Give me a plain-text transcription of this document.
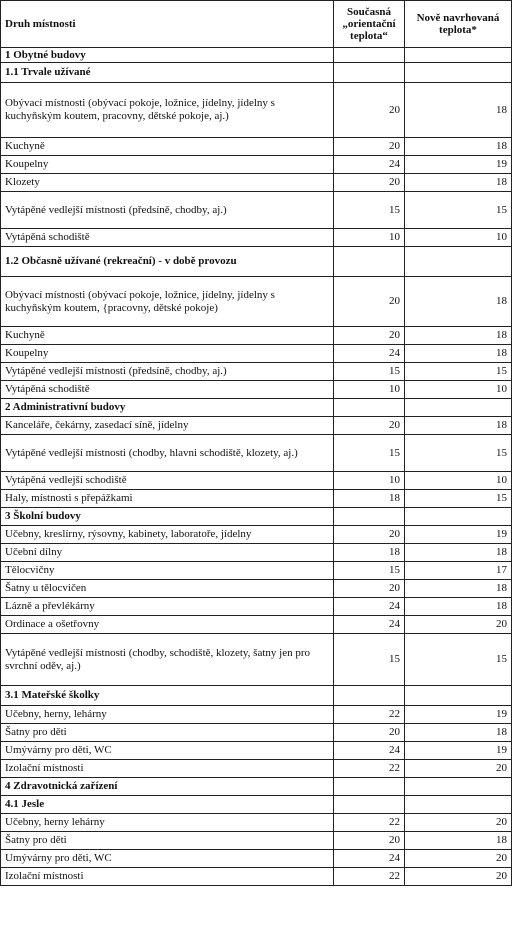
Druh místnosti	Současná „orientační teplota“	Nově navrhovaná teplota*
1 Obytné budovy		
1.1 Trvale užívané		
Obývací místnosti (obývací pokoje, ložnice, jídelny, jídelny s kuchyňským koutem, pracovny, dětské pokoje, aj.)	20	18
Kuchyně	20	18
Koupelny	24	19
Klozety	20	18
Vytápěné vedlejší místnosti (předsíně, chodby, aj.)	15	15
Vytápěná schodiště	10	10
1.2 Občasně užívané (rekreační) - v době provozu		
Obývací místnosti (obývací pokoje, ložnice, jídelny, jídelny s kuchyňským koutem, {pracovny, dětské pokoje)	20	18
Kuchyně	20	18
Koupelny	24	18
Vytápěné vedlejší místnosti (předsíně, chodby, aj.)	15	15
Vytápěná schodiště	10	10
2 Administrativní budovy		
Kanceláře, čekárny, zasedací síně, jídelny	20	18
Vytápěné vedlejší místnosti (chodby, hlavni schodiště, klozety, aj.)	15	15
Vytápěná vedlejší schodiště	10	10
Haly, místnosti s přepážkami	18	15
3 Školní budovy		
Učebny, kreslírny, rýsovny, kabinety, laboratoře, jídelny	20	19
Učební dílny	18	18
Tělocvičny	15	17
Šatny u tělocvičen	20	18
Lázně a převlékárny	24	18
Ordinace a ošetřovny	24	20
Vytápěné vedlejší místnosti (chodby, schodiště, klozety, šatny jen pro svrchní oděv, aj.)	15	15
3.1 Mateřské školky		
Učebny, herny, lehárny	22	19
Šatny pro děti	20	18
Umývárny pro děti, WC	24	19
Izolační místnosti	22	20
4 Zdravotnická zařízení		
4.1 Jesle		
Učebny, herny lehárny	22	20
Šatny pro děti	20	18
Umývárny pro děti, WC	24	20
Izolační místnosti	22	20
